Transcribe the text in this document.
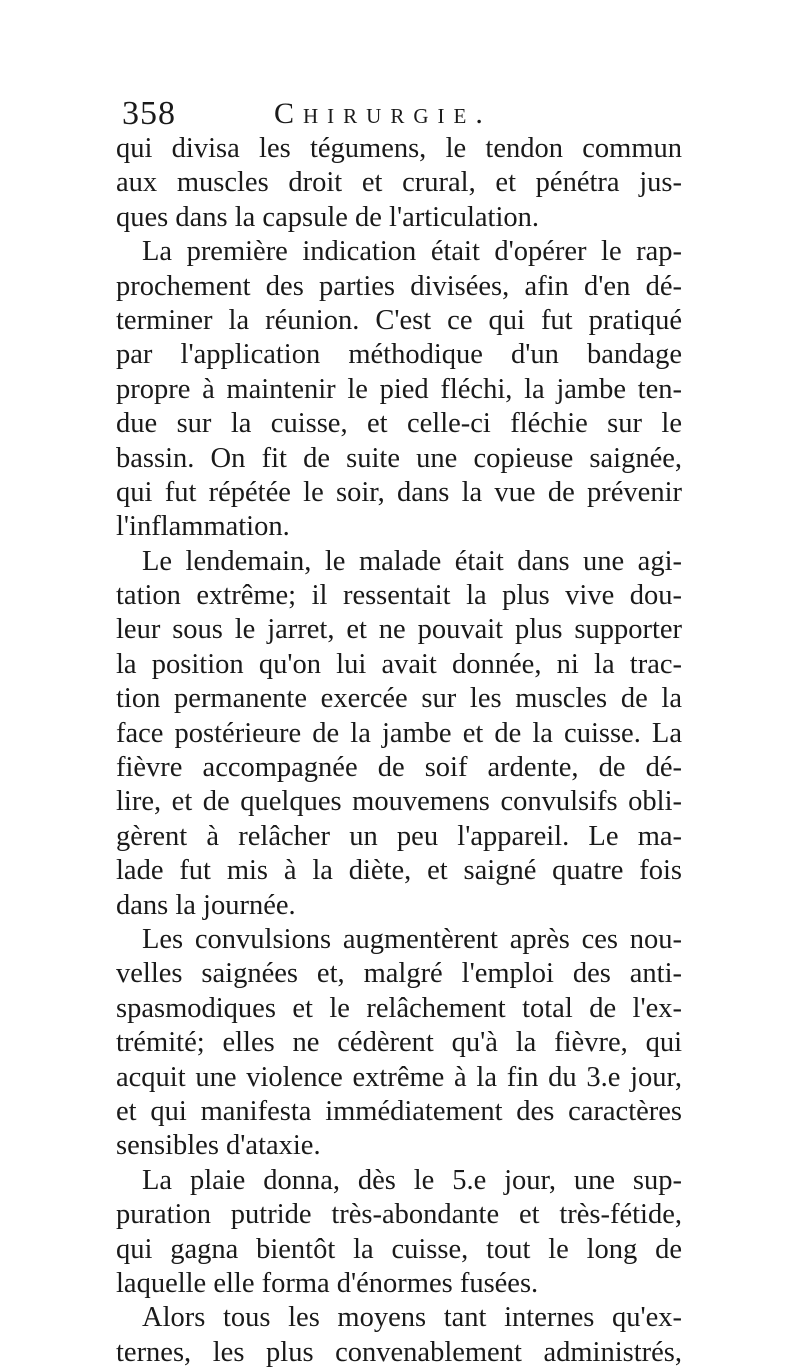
358	Chirurgie.
qui divisa les tégumens, le tendon commun
aux muscles droit et crural, et pénétra jus-
ques dans la capsule de l'articulation.
La première indication était d'opérer le rap-
prochement des parties divisées, afin d'en dé-
terminer la réunion. C'est ce qui fut pratiqué
par l'application méthodique d'un bandage
propre à maintenir le pied fléchi, la jambe ten-
due sur la cuisse, et celle-ci fléchie sur le
bassin. On fit de suite une copieuse saignée,
qui fut répétée le soir, dans la vue de prévenir
l'inflammation.
Le lendemain, le malade était dans une agi-
tation extrême; il ressentait la plus vive dou-
leur sous le jarret, et ne pouvait plus supporter
la position qu'on lui avait donnée, ni la trac-
tion permanente exercée sur les muscles de la
face postérieure de la jambe et de la cuisse. La
fièvre accompagnée de soif ardente, de dé-
lire, et de quelques mouvemens convulsifs obli-
gèrent à relâcher un peu l'appareil. Le ma-
lade fut mis à la diète, et saigné quatre fois
dans la journée.
Les convulsions augmentèrent après ces nou-
velles saignées et, malgré l'emploi des anti-
spasmodiques et le relâchement total de l'ex-
trémité; elles ne cédèrent qu'à la fièvre, qui
acquit une violence extrême à la fin du 3.e jour,
et qui manifesta immédiatement des caractères
sensibles d'ataxie.
La plaie donna, dès le 5.e jour, une sup-
puration putride très-abondante et très-fétide,
qui gagna bientôt la cuisse, tout le long de
laquelle elle forma d'énormes fusées.
Alors tous les moyens tant internes qu'ex-
ternes, les plus convenablement administrés,
